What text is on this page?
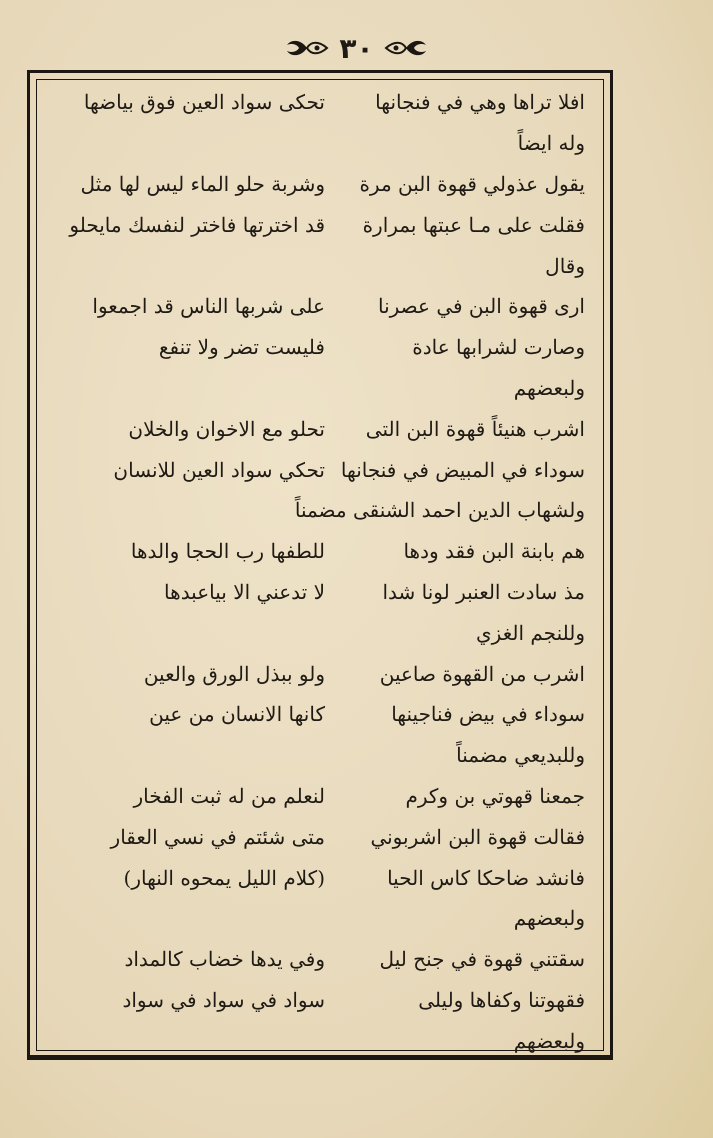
٣٠
افلا تراها وهي في فنجانها
تحكى سواد العين فوق بياضها
وله ايضاً
يقول عذولي قهوة البن مرة
وشربة حلو الماء ليس لها مثل
فقلت على مـا عبتها بمرارة
قد اخترتها فاختر لنفسك مايحلو
وقال
ارى قهوة البن في عصرنا
على شربها الناس قد اجمعوا
وصارت لشرابها عادة
فليست تضر ولا تنفع
ولبعضهم
اشرب هنيئاً قهوة البن التى
تحلو مع الاخوان والخلان
سوداء في المبيض في فنجانها
تحكي سواد العين للانسان
ولشهاب الدين احمد الشنقى مضمناً
هم بابنة البن فقد ودها
للطفها رب الحجا والدها
مذ سادت العنبر لونا شدا
لا تدعني الا بياعبدها
وللنجم الغزي
اشرب من القهوة صاعين
ولو ببذل الورق والعين
سوداء في بيض فناجينها
كانها الانسان من عين
وللبديعي مضمناً
جمعنا قهوتي بن وكرم
لنعلم من له ثبت الفخار
فقالت قهوة البن اشربوني
متى شئتم في نسي العقار
فانشد ضاحكا كاس الحيا
(كلام الليل يمحوه النهار)
ولبعضهم
سقتني قهوة في جنح ليل
وفي يدها خضاب كالمداد
فقهوتنا وكفاها وليلى
سواد في سواد في سواد
ولبعضهم
